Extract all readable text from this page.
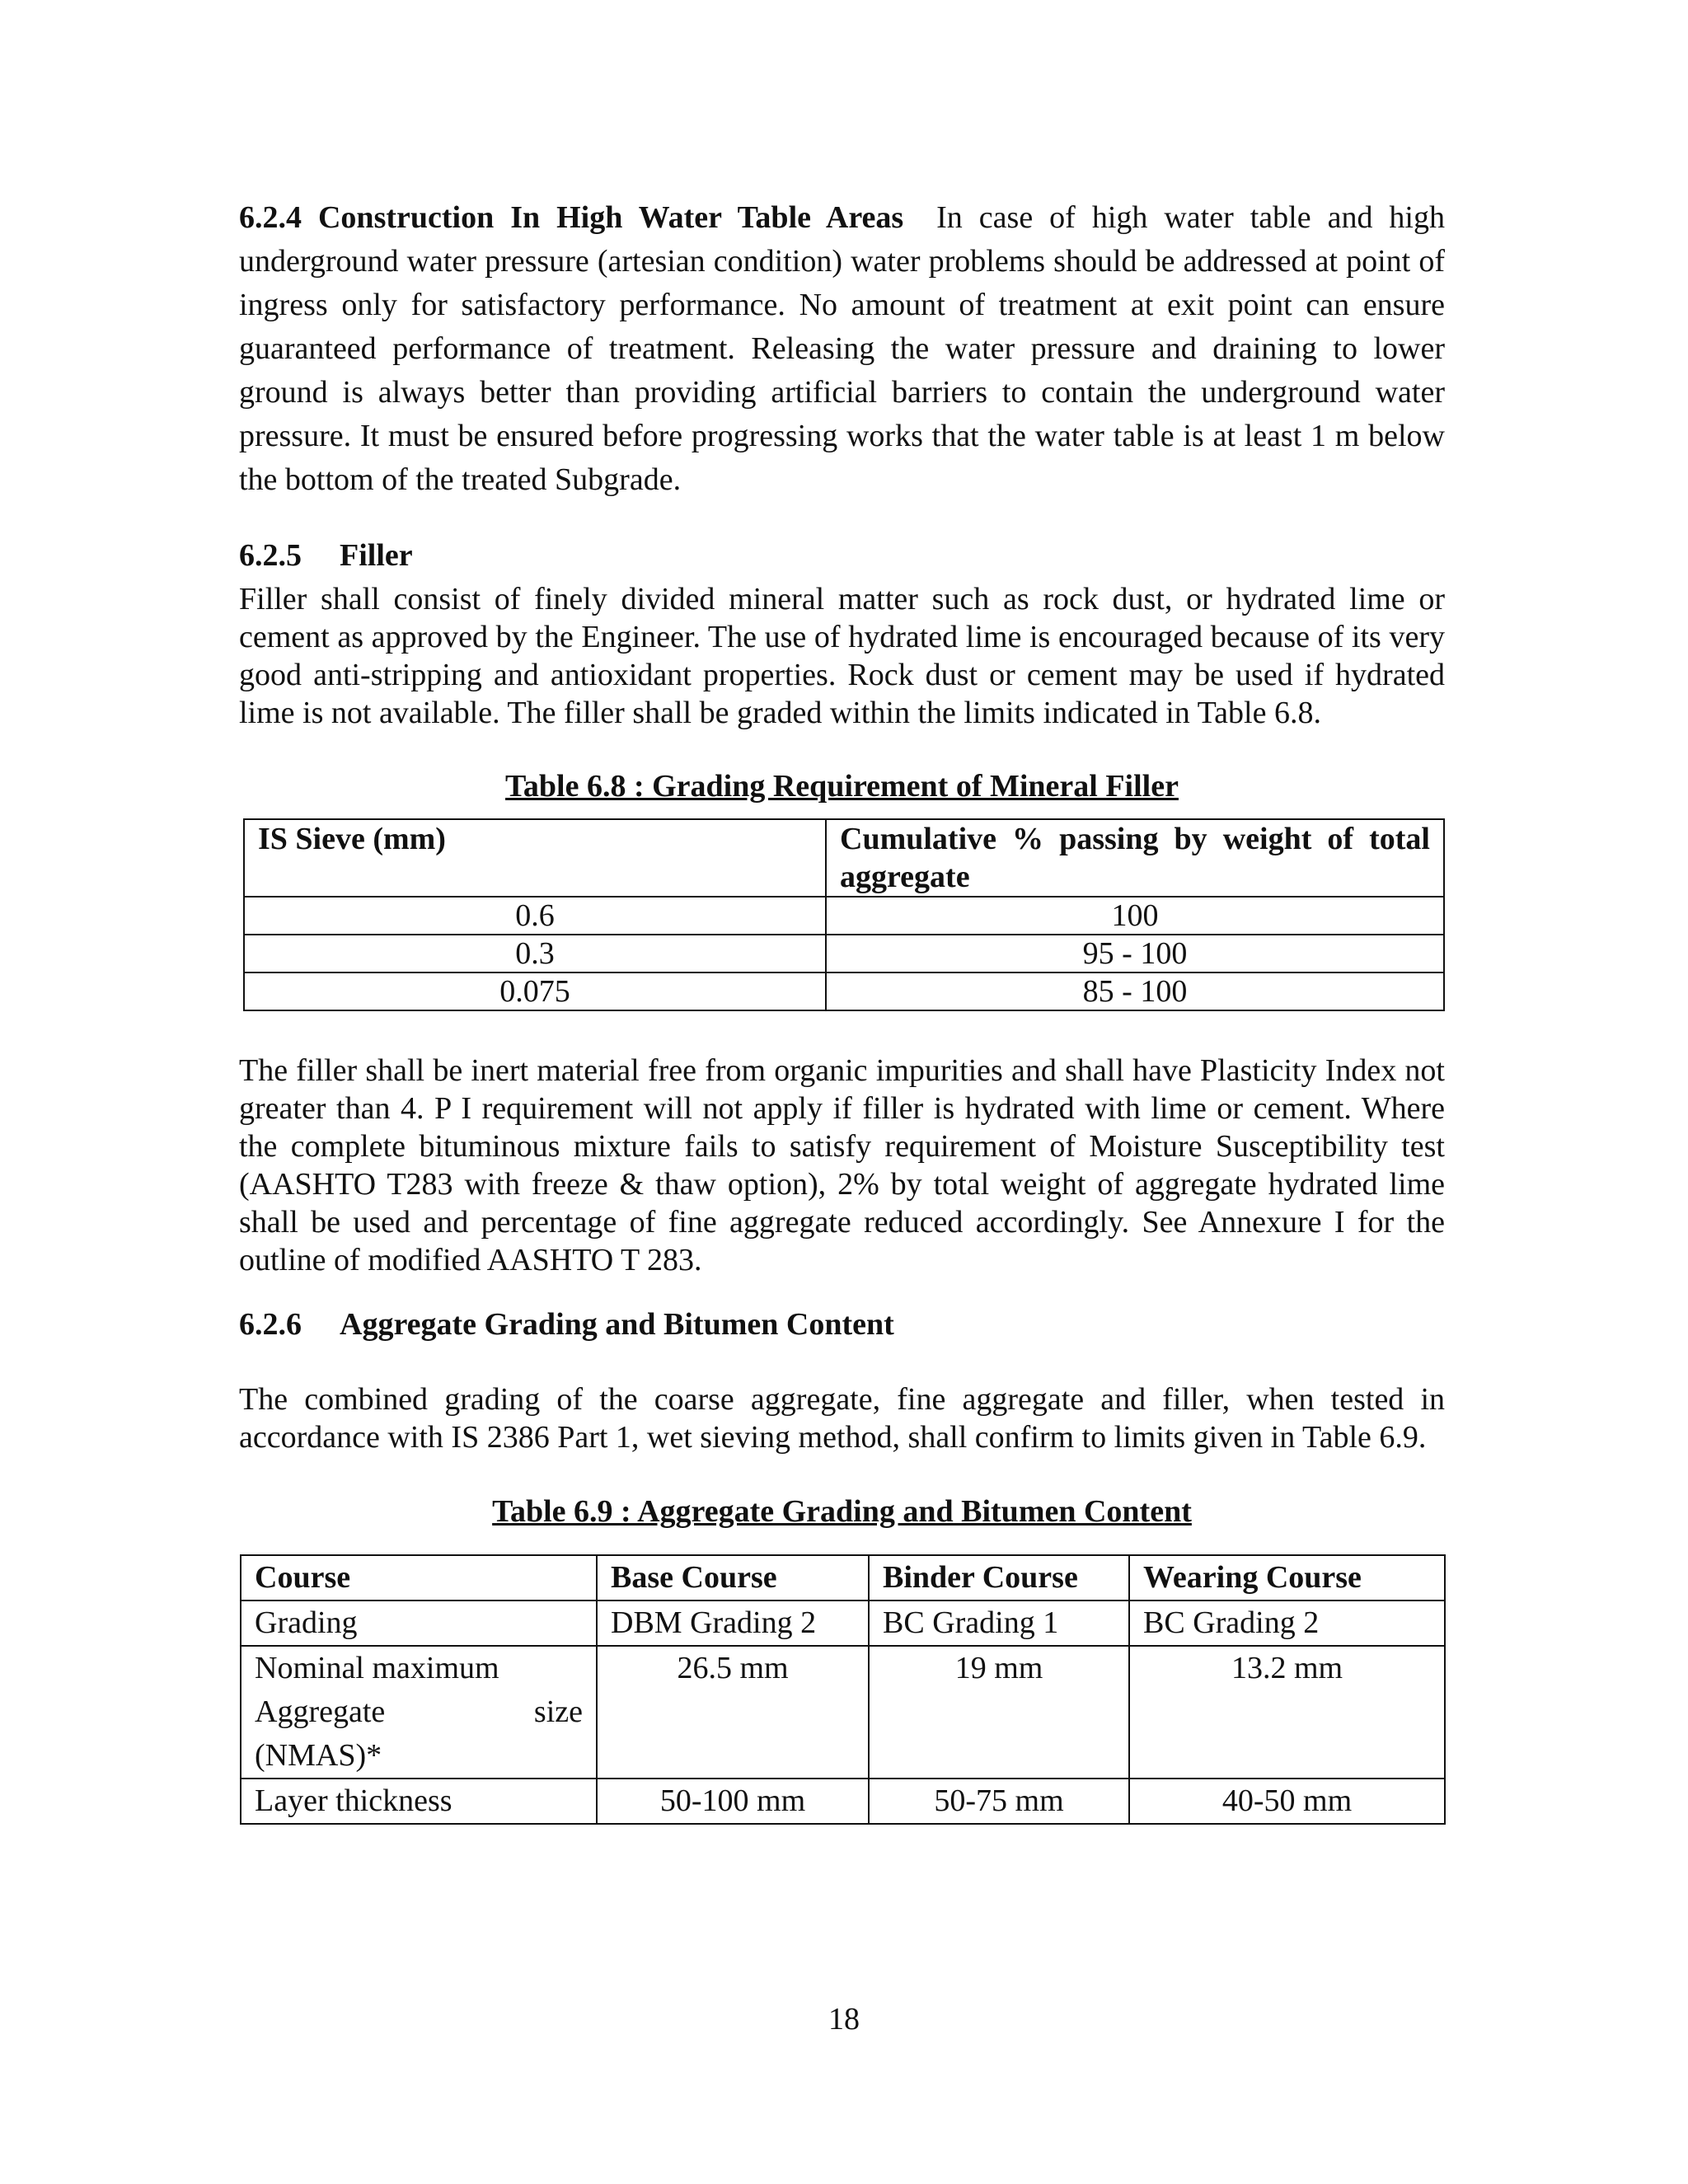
6.2.4 Construction In High Water Table Areas In case of high water table and high underground water pressure (artesian condition) water problems should be addressed at point of ingress only for satisfactory performance. No amount of treatment at exit point can ensure guaranteed performance of treatment. Releasing the water pressure and draining to lower ground is always better than providing artificial barriers to contain the underground water pressure. It must be ensured before progressing works that the water table is at least 1 m below the bottom of the treated Subgrade.

6.2.5 Filler

Filler shall consist of finely divided mineral matter such as rock dust, or hydrated lime or cement as approved by the Engineer. The use of hydrated lime is encouraged because of its very good anti-stripping and antioxidant properties. Rock dust or cement may be used if hydrated lime is not available. The filler shall be graded within the limits indicated in Table 6.8.

Table 6.8 : Grading Requirement of Mineral Filler
IS Sieve (mm)	Cumulative % passing by weight of total aggregate
0.6	100
0.3	95 - 100
0.075	85 - 100

The filler shall be inert material free from organic impurities and shall have Plasticity Index not greater than 4. P I requirement will not apply if filler is hydrated with lime or cement. Where the complete bituminous mixture fails to satisfy requirement of Moisture Susceptibility test (AASHTO T283 with freeze & thaw option), 2% by total weight of aggregate hydrated lime shall be used and percentage of fine aggregate reduced accordingly. See Annexure I for the outline of modified AASHTO T 283.

6.2.6 Aggregate Grading and Bitumen Content

The combined grading of the coarse aggregate, fine aggregate and filler, when tested in accordance with IS 2386 Part 1, wet sieving method, shall confirm to limits given in Table 6.9.

Table 6.9 : Aggregate Grading and Bitumen Content
Course	Base Course	Binder Course	Wearing Course
Grading	DBM Grading 2	BC Grading 1	BC Grading 2

Nominal maximum
Aggregate size
(NMAS)*	26.5 mm	19 mm	13.2 mm
Layer thickness	50-100 mm	50-75 mm	40-50 mm
18
